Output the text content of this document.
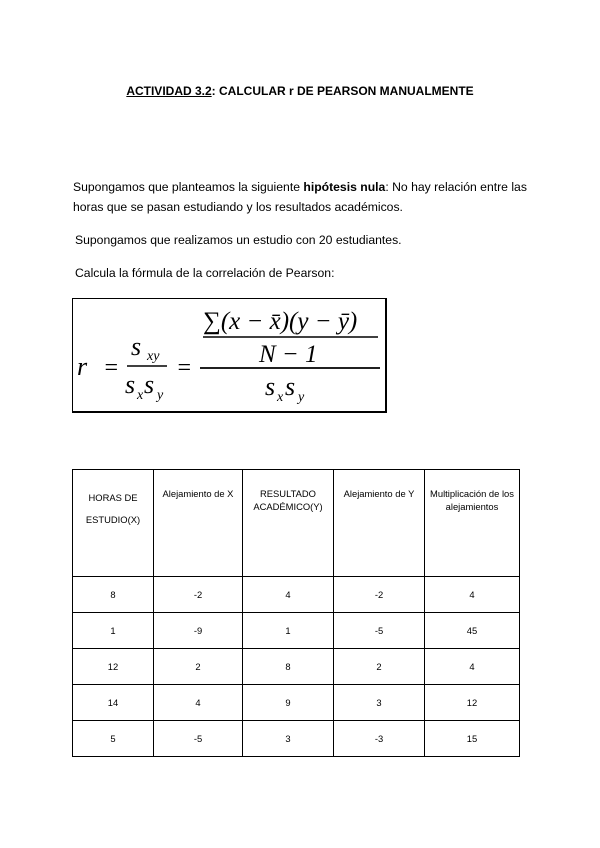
ACTIVIDAD 3.2: CALCULAR r DE PEARSON MANUALMENTE
Supongamos que planteamos la siguiente hipótesis nula: No hay relación entre las horas que se pasan estudiando y los resultados académicos.
Supongamos que realizamos un estudio con 20 estudiantes.
Calcula la fórmula de la correlación de Pearson:
r =
s xy
s x s y
=
∑(x − x̄)(y − ȳ)
N − 1
s x s y
HORAS DE ESTUDIO(X)	Alejamiento de X	RESULTADO ACADÉMICO(Y)	Alejamiento de Y	Multiplicación de los alejamientos
8	-2	4	-2	4
1	-9	1	-5	45
12	2	8	2	4
14	4	9	3	12
5	-5	3	-3	15
